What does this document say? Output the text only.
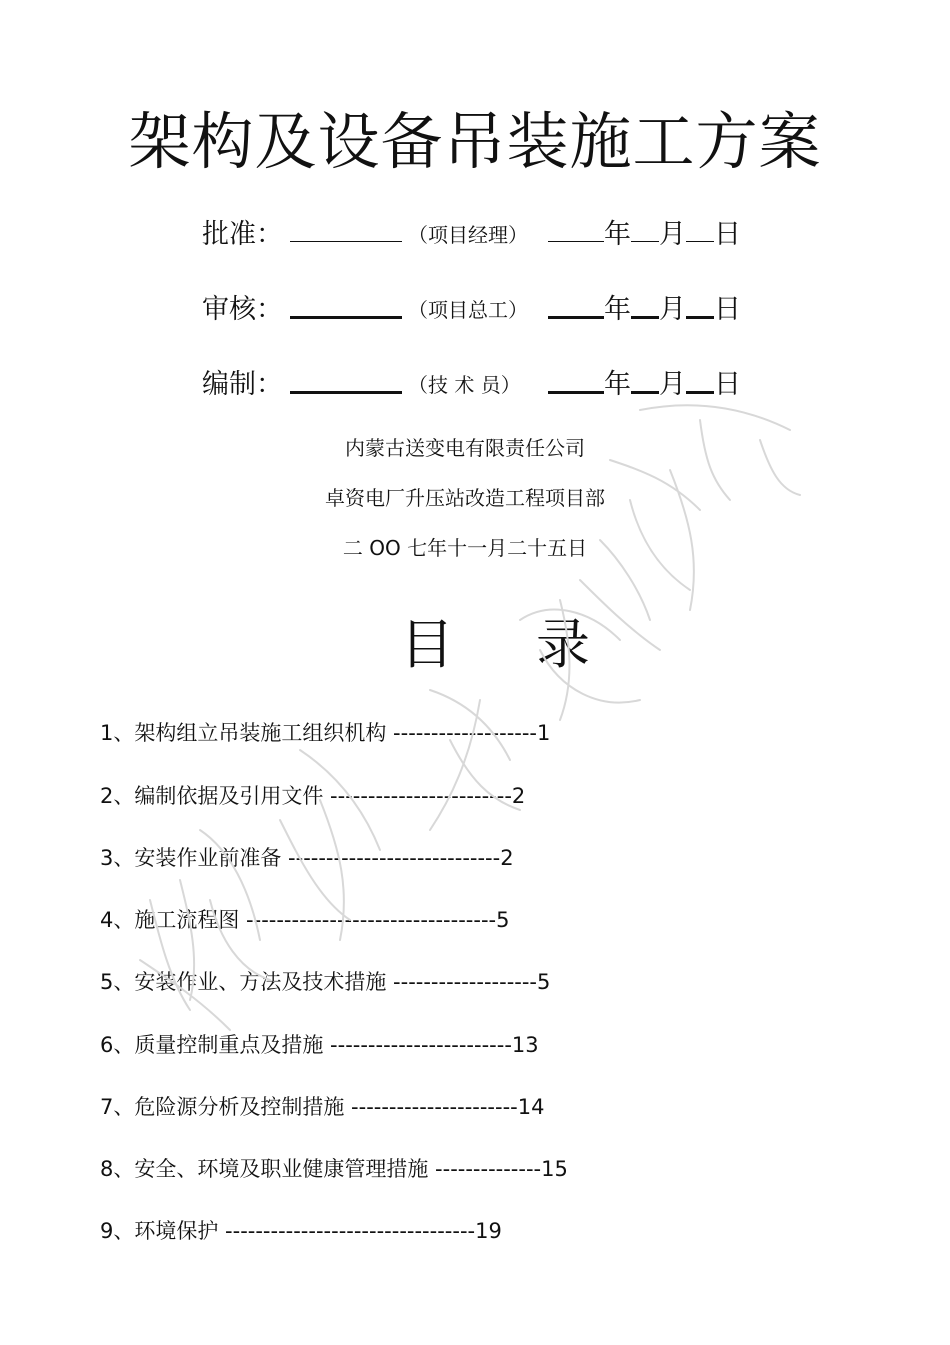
架构及设备吊装施工方案
批准：	（项目经理）	年 月 日
审核：	（项目总工）	年 月 日
编制：	（技 术 员）	年 月 日
内蒙古送变电有限责任公司
卓资电厂升压站改造工程项目部
二 OO 七年十一月二十五日
目 录
1、架构组立吊装施工组织机构 -------------------1
2、编制依据及引用文件 ------------------------2
3、安装作业前准备 ----------------------------2
4、施工流程图 ---------------------------------5
5、安装作业、方法及技术措施 -------------------5
6、质量控制重点及措施 ------------------------13
7、危险源分析及控制措施 ----------------------14
8、安全、环境及职业健康管理措施 --------------15
9、环境保护 ---------------------------------19
